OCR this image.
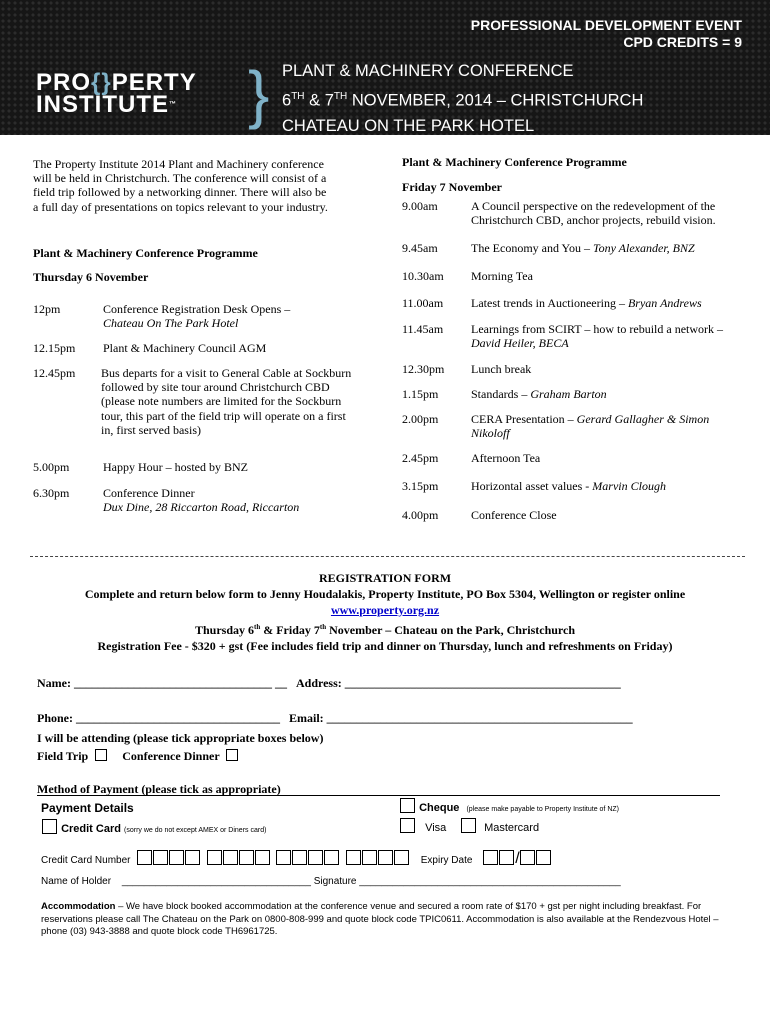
PROFESSIONAL DEVELOPMENT EVENT
CPD CREDITS = 9
PRO{}PERTY
INSTITUTE™	} PLANT & MACHINERY CONFERENCE
6TH & 7TH NOVEMBER, 2014 – CHRISTCHURCH
CHATEAU ON THE PARK HOTEL
The Property Institute 2014 Plant and Machinery conference will be held in Christchurch. The conference will consist of a field trip followed by a networking dinner. There will also be a full day of presentations on topics relevant to your industry.
Plant & Machinery Conference Programme
Thursday 6 November
12pm	Conference Registration Desk Opens –
Chateau On The Park Hotel
12.15pm Plant & Machinery Council AGM
12.45pm Bus departs for a visit to General Cable at Sockburn followed by site tour around Christchurch CBD (please note numbers are limited for the Sockburn tour, this part of the field trip will operate on a first in, first served basis)
5.00pm	Happy Hour – hosted by BNZ
6.30pm	Conference Dinner
Dux Dine, 28 Riccarton Road, Riccarton
Plant & Machinery Conference Programme
Friday 7 November
9.00am	A Council perspective on the redevelopment of the Christchurch CBD, anchor projects, rebuild vision.
9.45am	The Economy and You – Tony Alexander, BNZ
10.30am Morning Tea
11.00am Latest trends in Auctioneering – Bryan Andrews
11.45am Learnings from SCIRT – how to rebuild a network – David Heiler, BECA
12.30pm Lunch break
1.15pm	Standards – Graham Barton
2.00pm	CERA Presentation – Gerard Gallagher & Simon Nikoloff
2.45pm	Afternoon Tea
3.15pm	Horizontal asset values - Marvin Clough
4.00pm	Conference Close
REGISTRATION FORM
Complete and return below form to Jenny Houdalakis, Property Institute, PO Box 5304, Wellington or register online
www.property.org.nz
Thursday 6th & Friday 7th November – Chateau on the Park, Christchurch
Registration Fee - $320 + gst (Fee includes field trip and dinner on Thursday, lunch and refreshments on Friday)
Name: _________________________________ __ Address: ______________________________________________
Phone: __________________________________ Email: ___________________________________________________
I will be attending (please tick appropriate boxes below)
Field Trip	Conference Dinner
Method of Payment (please tick as appropriate)
Payment Details	Cheque (please make payable to Property Institute of NZ)
Credit Card (sorry we do not except AMEX or Diners card)	Visa	Mastercard
Credit Card Number	Expiry Date	/
Name of Holder __________________________________ Signature _______________________________________________
Accommodation – We have block booked accommodation at the conference venue and secured a room rate of $170 + gst per night including breakfast. For reservations please call The Chateau on the Park on 0800-808-999 and quote block code TPIC0611. Accommodation is also available at the Rendezvous Hotel – phone (03) 943-3888 and quote block code TH6961725.
